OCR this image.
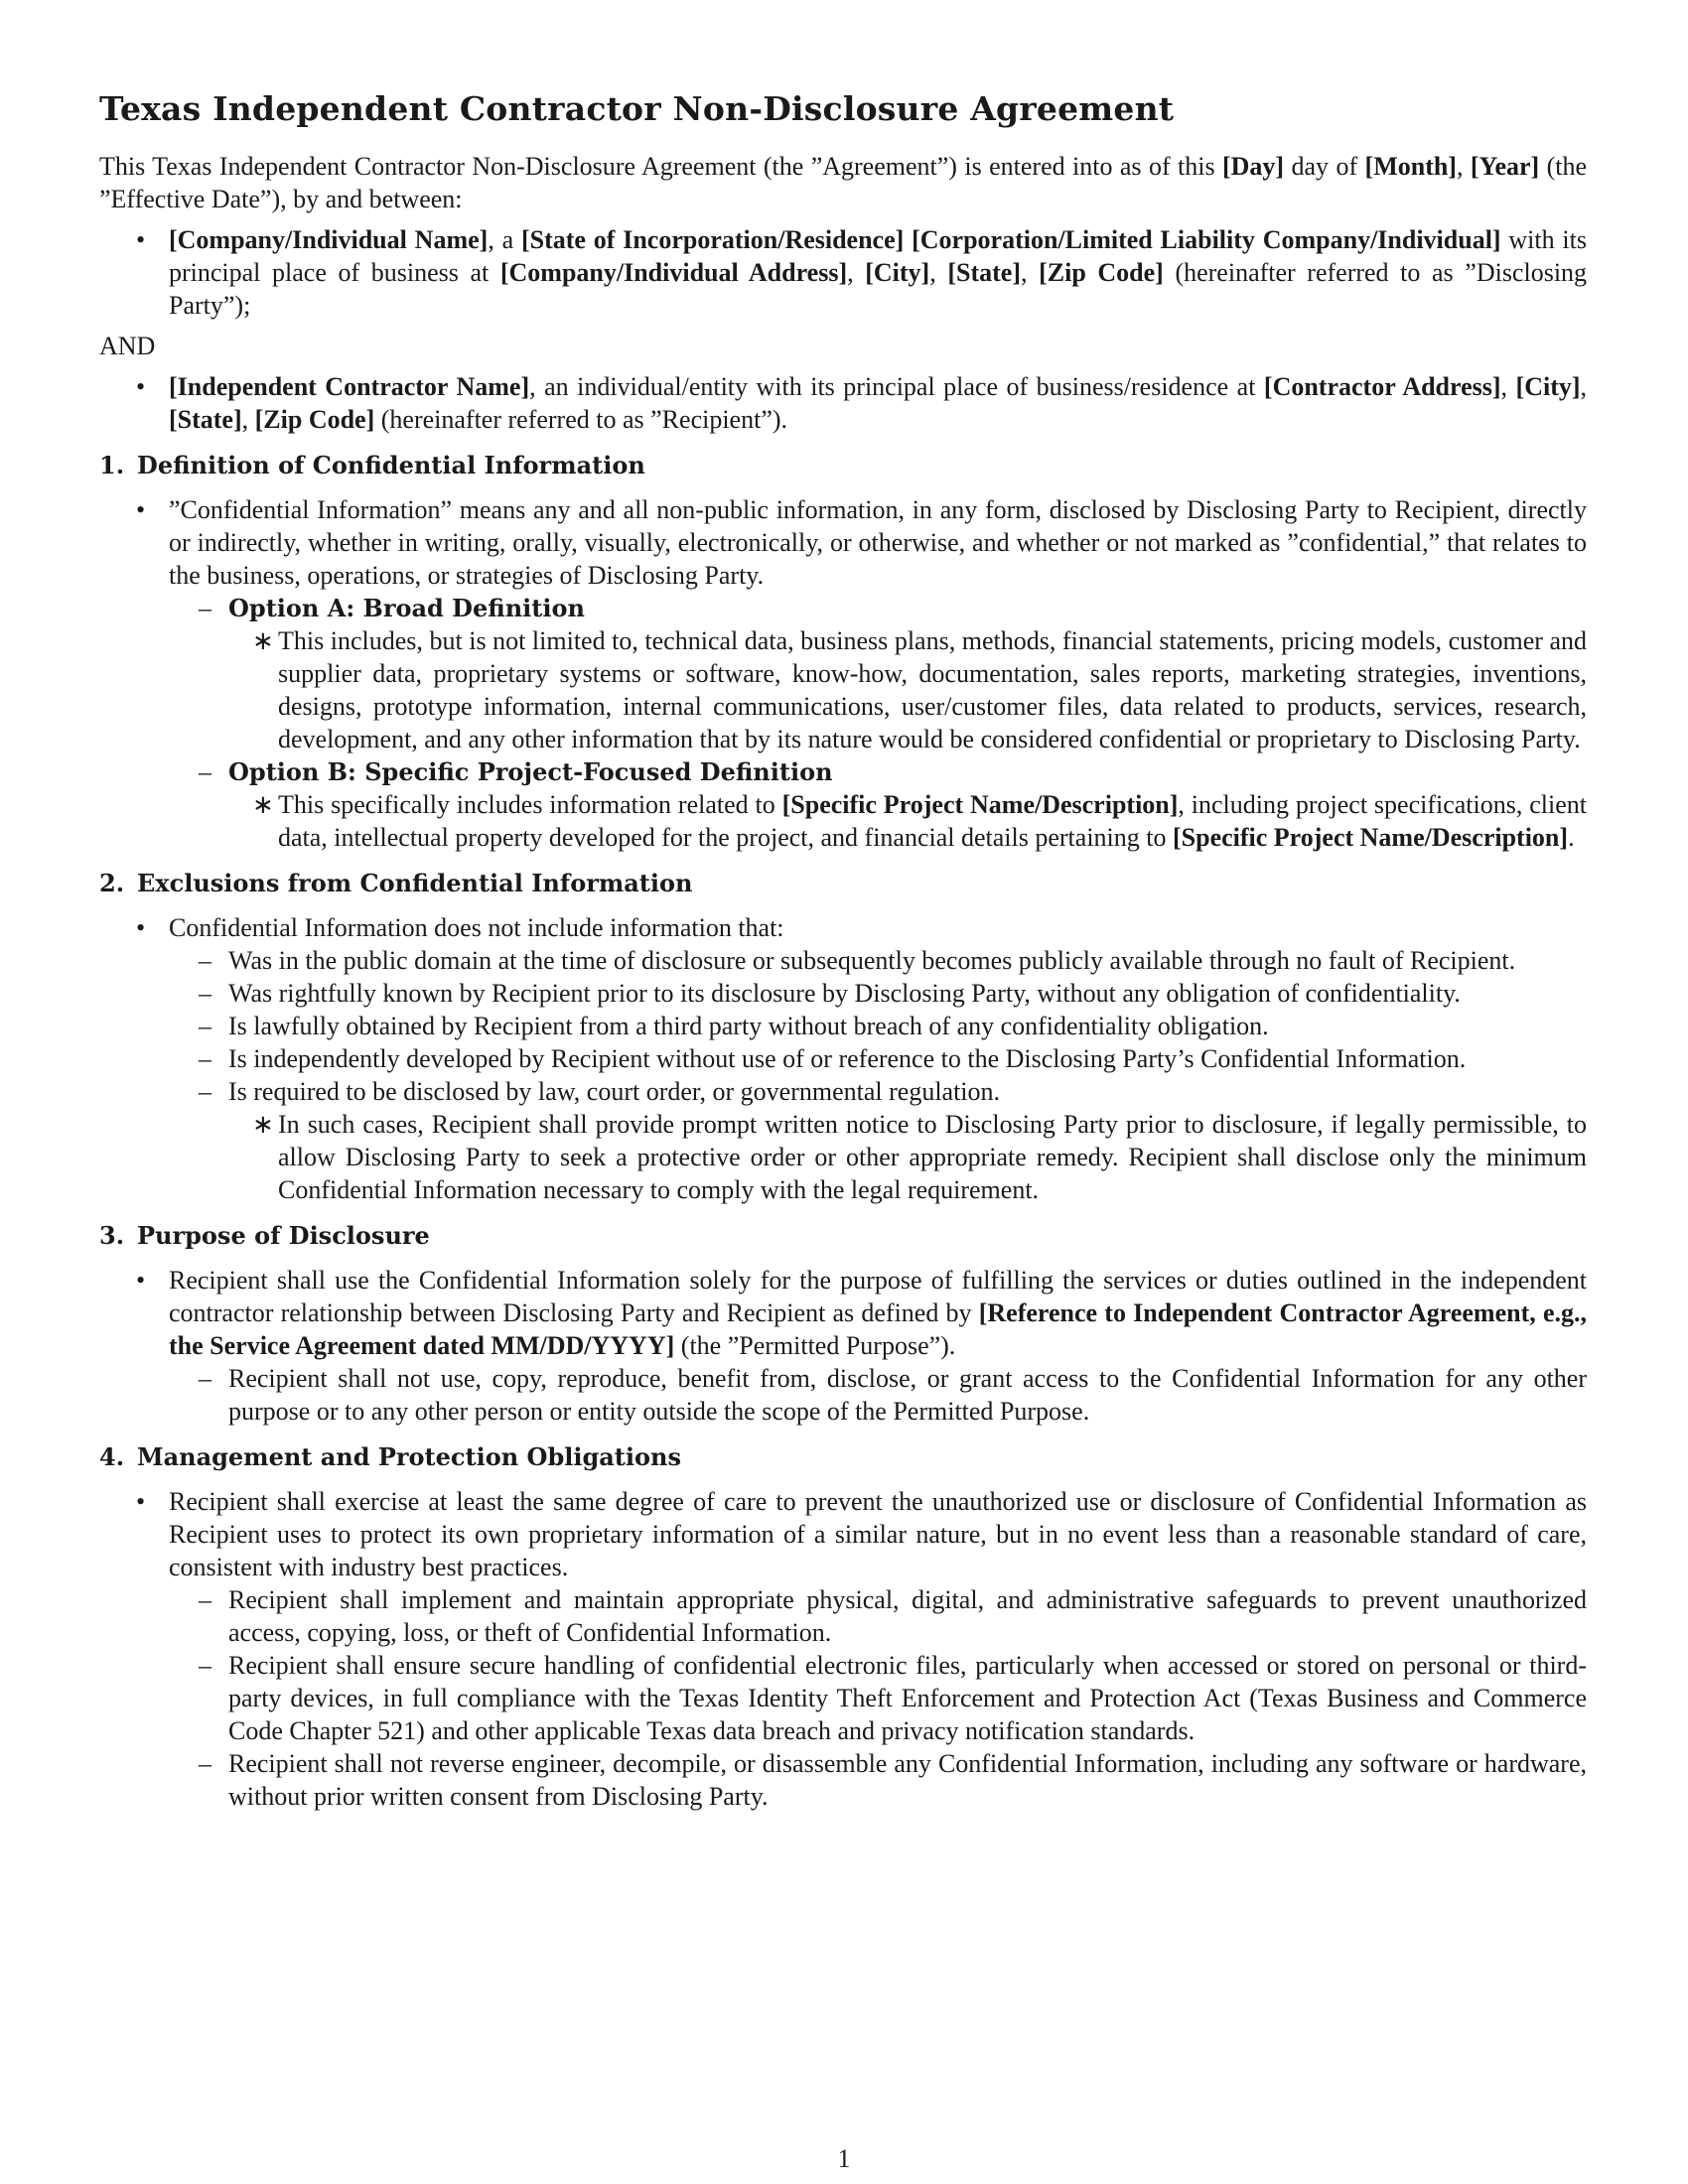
Texas Independent Contractor Non-Disclosure Agreement

This Texas Independent Contractor Non-Disclosure Agreement (the ”Agreement”) is entered into as of this [Day] day of [Month], [Year] (the ”Effective Date”), by and between:

• [Company/Individual Name], a [State of Incorporation/Residence] [Corporation/Limited Liability Company/Individual] with its principal place of business at [Company/Individual Address], [City], [State], [Zip Code] (hereinafter referred to as ”Disclosing Party”);

AND

• [Independent Contractor Name], an individual/entity with its principal place of business/residence at [Contractor Address], [City], [State], [Zip Code] (hereinafter referred to as ”Recipient”).
1. Definition of Confidential Information
• ”Confidential Information” means any and all non-public information, in any form, disclosed by Disclosing Party to Recipient, directly or indirectly, whether in writing, orally, visually, electronically, or otherwise, and whether or not marked as ”confidential,” that relates to the business, operations, or strategies of Disclosing Party.
– Option A: Broad Definition
∗ This includes, but is not limited to, technical data, business plans, methods, financial statements, pricing models, customer and supplier data, proprietary systems or software, know-how, documentation, sales reports, marketing strategies, inventions, designs, prototype information, internal communications, user/customer files, data related to products, services, research, development, and any other information that by its nature would be considered confidential or proprietary to Disclosing Party.
– Option B: Specific Project-Focused Definition
∗ This specifically includes information related to [Specific Project Name/Description], including project specifications, client data, intellectual property developed for the project, and financial details pertaining to [Specific Project Name/Description].
2. Exclusions from Confidential Information
• Confidential Information does not include information that:
– Was in the public domain at the time of disclosure or subsequently becomes publicly available through no fault of Recipient.
– Was rightfully known by Recipient prior to its disclosure by Disclosing Party, without any obligation of confidentiality.
– Is lawfully obtained by Recipient from a third party without breach of any confidentiality obligation.
– Is independently developed by Recipient without use of or reference to the Disclosing Party’s Confidential Information.
– Is required to be disclosed by law, court order, or governmental regulation.
∗ In such cases, Recipient shall provide prompt written notice to Disclosing Party prior to disclosure, if legally permissible, to allow Disclosing Party to seek a protective order or other appropriate remedy. Recipient shall disclose only the minimum Confidential Information necessary to comply with the legal requirement.
3. Purpose of Disclosure
• Recipient shall use the Confidential Information solely for the purpose of fulfilling the services or duties outlined in the independent contractor relationship between Disclosing Party and Recipient as defined by [Reference to Independent Contractor Agreement, e.g., the Service Agreement dated MM/DD/YYYY] (the ”Permitted Purpose”).
– Recipient shall not use, copy, reproduce, benefit from, disclose, or grant access to the Confidential Information for any other purpose or to any other person or entity outside the scope of the Permitted Purpose.
4. Management and Protection Obligations
• Recipient shall exercise at least the same degree of care to prevent the unauthorized use or disclosure of Confidential Information as Recipient uses to protect its own proprietary information of a similar nature, but in no event less than a reasonable standard of care, consistent with industry best practices.
– Recipient shall implement and maintain appropriate physical, digital, and administrative safeguards to prevent unauthorized access, copying, loss, or theft of Confidential Information.
– Recipient shall ensure secure handling of confidential electronic files, particularly when accessed or stored on personal or third-party devices, in full compliance with the Texas Identity Theft Enforcement and Protection Act (Texas Business and Commerce Code Chapter 521) and other applicable Texas data breach and privacy notification standards.
– Recipient shall not reverse engineer, decompile, or disassemble any Confidential Information, including any software or hardware, without prior written consent from Disclosing Party.
1
